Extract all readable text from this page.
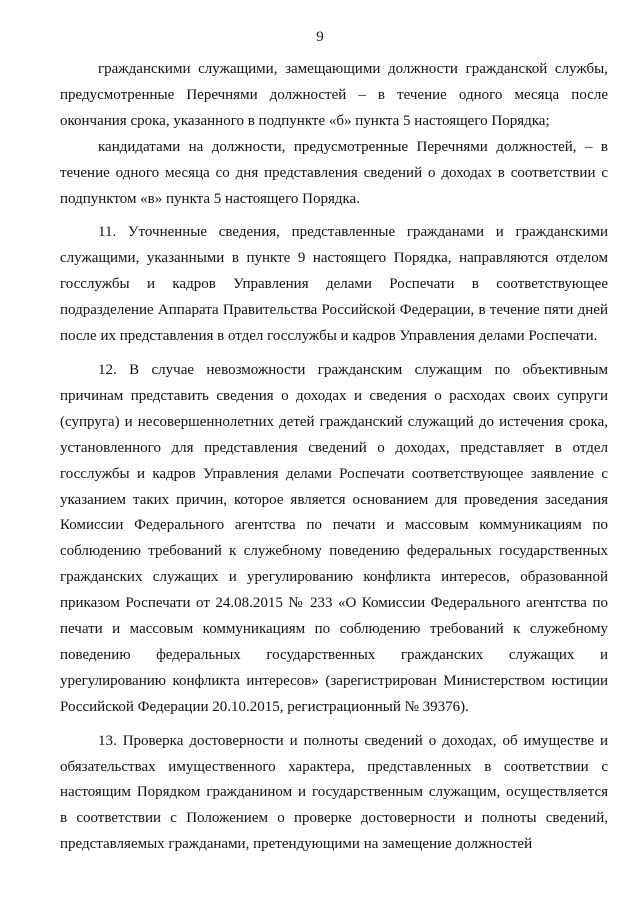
9
гражданскими служащими, замещающими должности гражданской службы,
предусмотренные Перечнями должностей – в течение одного месяца после
окончания срока, указанного в подпункте «б» пункта 5 настоящего Порядка;
кандидатами на должности, предусмотренные Перечнями должностей, – в
течение одного месяца со дня представления сведений о доходах в соответствии с
подпунктом «в» пункта 5 настоящего Порядка.
11. Уточненные сведения, представленные гражданами и гражданскими
служащими, указанными в пункте 9 настоящего Порядка, направляются отделом
госслужбы и кадров Управления делами Роспечати в соответствующее
подразделение Аппарата Правительства Российской Федерации, в течение пяти дней
после их представления в отдел госслужбы и кадров Управления делами Роспечати.
12. В случае невозможности гражданским служащим по объективным
причинам представить сведения о доходах и сведения о расходах своих супруги
(супруга) и несовершеннолетних детей гражданский служащий до истечения срока,
установленного для представления сведений о доходах, представляет в отдел
госслужбы и кадров Управления делами Роспечати соответствующее заявление с
указанием таких причин, которое является основанием для проведения заседания
Комиссии Федерального агентства по печати и массовым коммуникациям по
соблюдению требований к служебному поведению федеральных государственных
гражданских служащих и урегулированию конфликта интересов, образованной
приказом Роспечати от 24.08.2015 № 233 «О Комиссии Федерального агентства по
печати и массовым коммуникациям по соблюдению требований к служебному
поведению федеральных государственных гражданских служащих и
урегулированию конфликта интересов» (зарегистрирован Министерством юстиции
Российской Федерации 20.10.2015, регистрационный № 39376).
13. Проверка достоверности и полноты сведений о доходах, об имуществе и
обязательствах имущественного характера, представленных в соответствии с
настоящим Порядком гражданином и государственным служащим, осуществляется
в соответствии с Положением о проверке достоверности и полноты сведений,
представляемых гражданами, претендующими на замещение должностей
